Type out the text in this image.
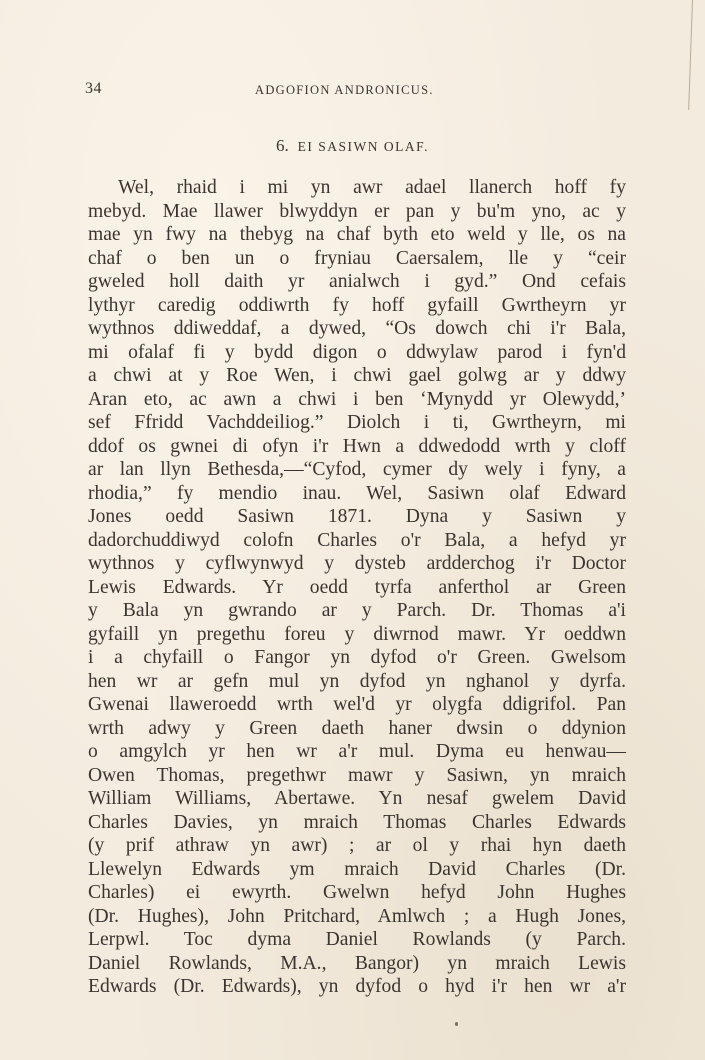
34	ADGOFION ANDRONICUS.
6. EI SASIWN OLAF.
Wel, rhaid i mi yn awr adael llanerch hoff fy
mebyd. Mae llawer blwyddyn er pan y bu'm yno, ac y
mae yn fwy na thebyg na chaf byth eto weld y lle, os na
chaf o ben un o fryniau Caersalem, lle y “ceir
gweled holl daith yr anialwch i gyd.” Ond cefais
lythyr caredig oddiwrth fy hoff gyfaill Gwrtheyrn yr
wythnos ddiweddaf, a dywed, “Os dowch chi i'r Bala,
mi ofalaf fi y bydd digon o ddwylaw parod i fyn'd
a chwi at y Roe Wen, i chwi gael golwg ar y ddwy
Aran eto, ac awn a chwi i ben ‘Mynydd yr Olewydd,’
sef Ffridd Vachddeiliog.” Diolch i ti, Gwrtheyrn, mi
ddof os gwnei di ofyn i'r Hwn a ddwedodd wrth y cloff
ar lan llyn Bethesda,—“Cyfod, cymer dy wely i fyny, a
rhodia,” fy mendio inau. Wel, Sasiwn olaf Edward
Jones oedd Sasiwn 1871. Dyna y Sasiwn y
dadorchuddiwyd colofn Charles o'r Bala, a hefyd yr
wythnos y cyflwynwyd y dysteb ardderchog i'r Doctor
Lewis Edwards. Yr oedd tyrfa anferthol ar Green
y Bala yn gwrando ar y Parch. Dr. Thomas a'i
gyfaill yn pregethu foreu y diwrnod mawr. Yr oeddwn
i a chyfaill o Fangor yn dyfod o'r Green. Gwelsom
hen wr ar gefn mul yn dyfod yn nghanol y dyrfa.
Gwenai llaweroedd wrth wel'd yr olygfa ddigrifol. Pan
wrth adwy y Green daeth haner dwsin o ddynion
o amgylch yr hen wr a'r mul. Dyma eu henwau—
Owen Thomas, pregethwr mawr y Sasiwn, yn mraich
William Williams, Abertawe. Yn nesaf gwelem David
Charles Davies, yn mraich Thomas Charles Edwards
(y prif athraw yn awr) ; ar ol y rhai hyn daeth
Llewelyn Edwards ym mraich David Charles (Dr.
Charles) ei ewyrth. Gwelwn hefyd John Hughes
(Dr. Hughes), John Pritchard, Amlwch ; a Hugh Jones,
Lerpwl. Toc dyma Daniel Rowlands (y Parch.
Daniel Rowlands, M.A., Bangor) yn mraich Lewis
Edwards (Dr. Edwards), yn dyfod o hyd i'r hen wr a'r
